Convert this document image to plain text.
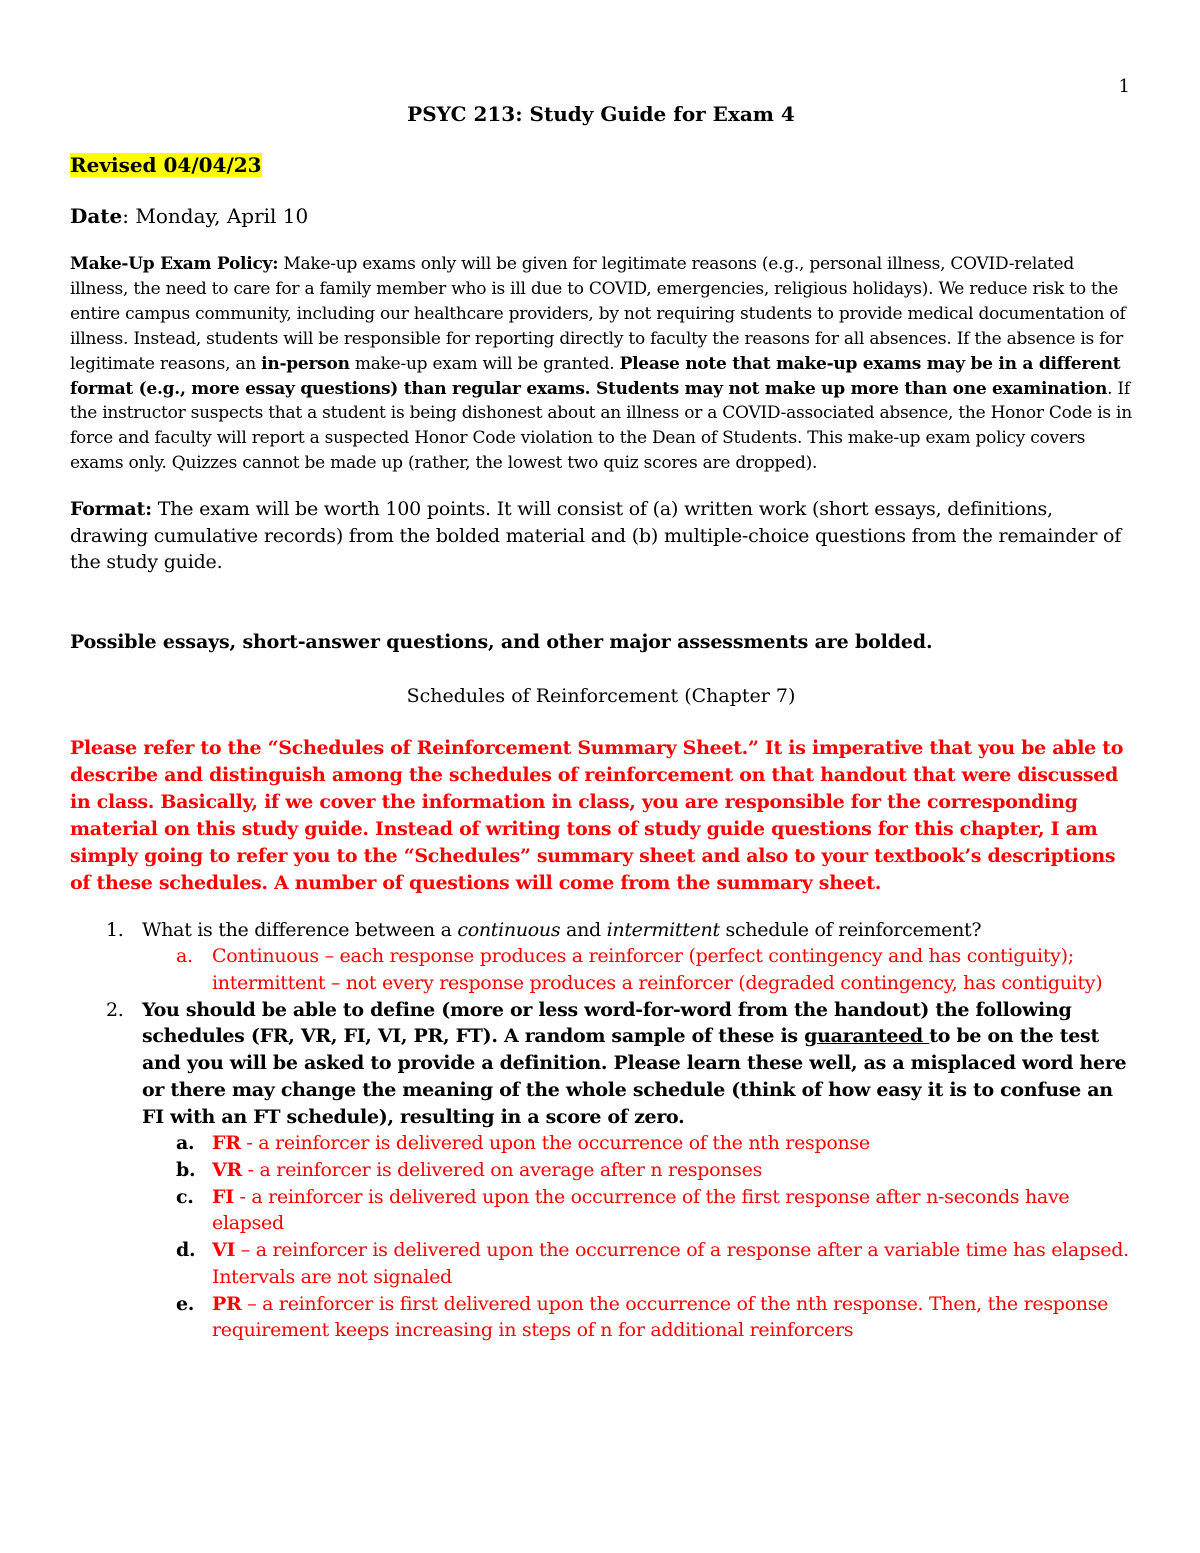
1

PSYC 213: Study Guide for Exam 4

Revised 04/04/23

Date: Monday, April 10

Make-Up Exam Policy: Make-up exams only will be given for legitimate reasons (e.g., personal illness, COVID-related illness, the need to care for a family member who is ill due to COVID, emergencies, religious holidays). We reduce risk to the entire campus community, including our healthcare providers, by not requiring students to provide medical documentation of illness. Instead, students will be responsible for reporting directly to faculty the reasons for all absences. If the absence is for legitimate reasons, an in-person make-up exam will be granted. Please note that make-up exams may be in a different format (e.g., more essay questions) than regular exams. Students may not make up more than one examination. If the instructor suspects that a student is being dishonest about an illness or a COVID-associated absence, the Honor Code is in force and faculty will report a suspected Honor Code violation to the Dean of Students. This make-up exam policy covers exams only. Quizzes cannot be made up (rather, the lowest two quiz scores are dropped).

Format: The exam will be worth 100 points. It will consist of (a) written work (short essays, definitions, drawing cumulative records) from the bolded material and (b) multiple-choice questions from the remainder of the study guide.

Possible essays, short-answer questions, and other major assessments are bolded.

Schedules of Reinforcement (Chapter 7)

Please refer to the “Schedules of Reinforcement Summary Sheet.” It is imperative that you be able to describe and distinguish among the schedules of reinforcement on that handout that were discussed in class. Basically, if we cover the information in class, you are responsible for the corresponding material on this study guide. Instead of writing tons of study guide questions for this chapter, I am simply going to refer you to the “Schedules” summary sheet and also to your textbook’s descriptions of these schedules. A number of questions will come from the summary sheet.

1. What is the difference between a continuous and intermittent schedule of reinforcement?
a. Continuous – each response produces a reinforcer (perfect contingency and has contiguity); intermittent – not every response produces a reinforcer (degraded contingency, has contiguity)
2. You should be able to define (more or less word-for-word from the handout) the following schedules (FR, VR, FI, VI, PR, FT). A random sample of these is guaranteed to be on the test and you will be asked to provide a definition. Please learn these well, as a misplaced word here or there may change the meaning of the whole schedule (think of how easy it is to confuse an FI with an FT schedule), resulting in a score of zero.
a. FR - a reinforcer is delivered upon the occurrence of the nth response
b. VR - a reinforcer is delivered on average after n responses
c. FI - a reinforcer is delivered upon the occurrence of the first response after n-seconds have elapsed
d. VI – a reinforcer is delivered upon the occurrence of a response after a variable time has elapsed. Intervals are not signaled
e. PR – a reinforcer is first delivered upon the occurrence of the nth response. Then, the response requirement keeps increasing in steps of n for additional reinforcers
